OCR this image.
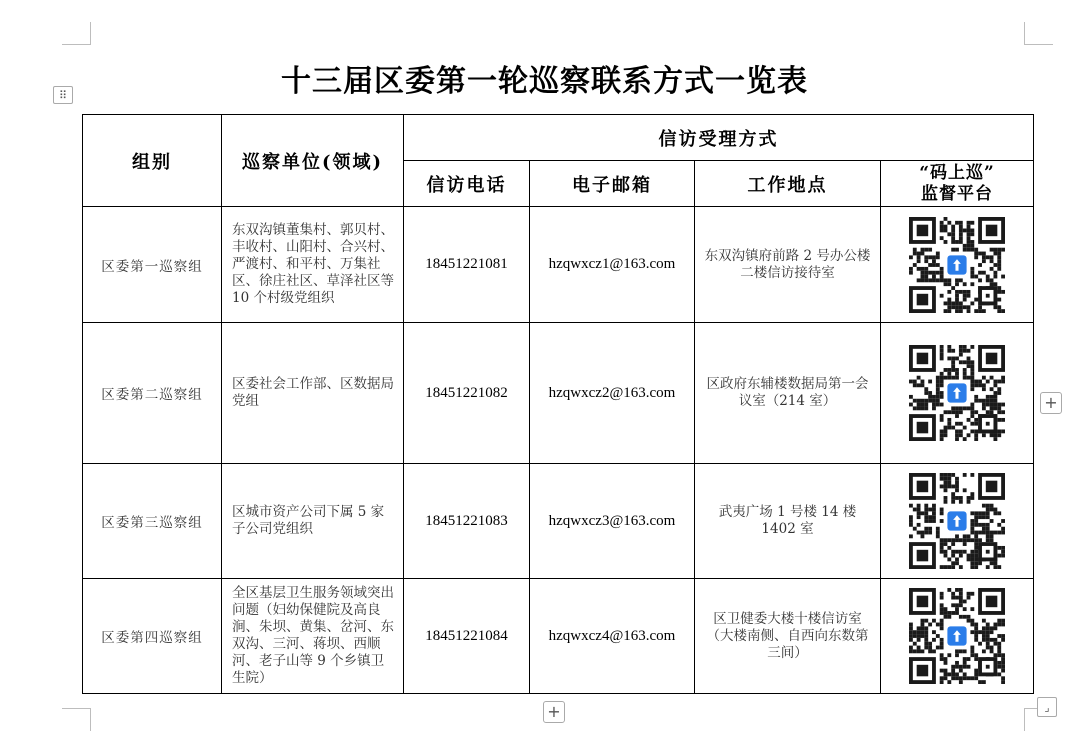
十三届区委第一轮巡察联系方式一览表
⠿
组别	巡察单位(领域)	信访受理方式			
		信访电话	电子邮箱	工作地点	“码上巡”
监督平台

区委第一巡察组	东双沟镇董集村、郭贝村、丰收村、山阳村、合兴村、严渡村、和平村、万集社区、徐庄社区、草泽社区等 10 个村级党组织	18451221081	hzqwxcz1@163.com	东双沟镇府前路 2 号办公楼二楼信访接待室	

区委第二巡察组	区委社会工作部、区数据局党组	18451221082	hzqwxcz2@163.com	区政府东辅楼数据局第一会议室（214 室）	

区委第三巡察组	区城市资产公司下属 5 家子公司党组织	18451221083	hzqwxcz3@163.com	武夷广场 1 号楼 14 楼 1402 室	

区委第四巡察组	全区基层卫生服务领域突出问题（妇幼保健院及高良涧、朱坝、黄集、岔河、东双沟、三河、蒋坝、西顺河、老子山等 9 个乡镇卫生院）	18451221084	hzqwxcz4@163.com	区卫健委大楼十楼信访室（大楼南侧、自西向东数第三间）	
+
+	⌟
